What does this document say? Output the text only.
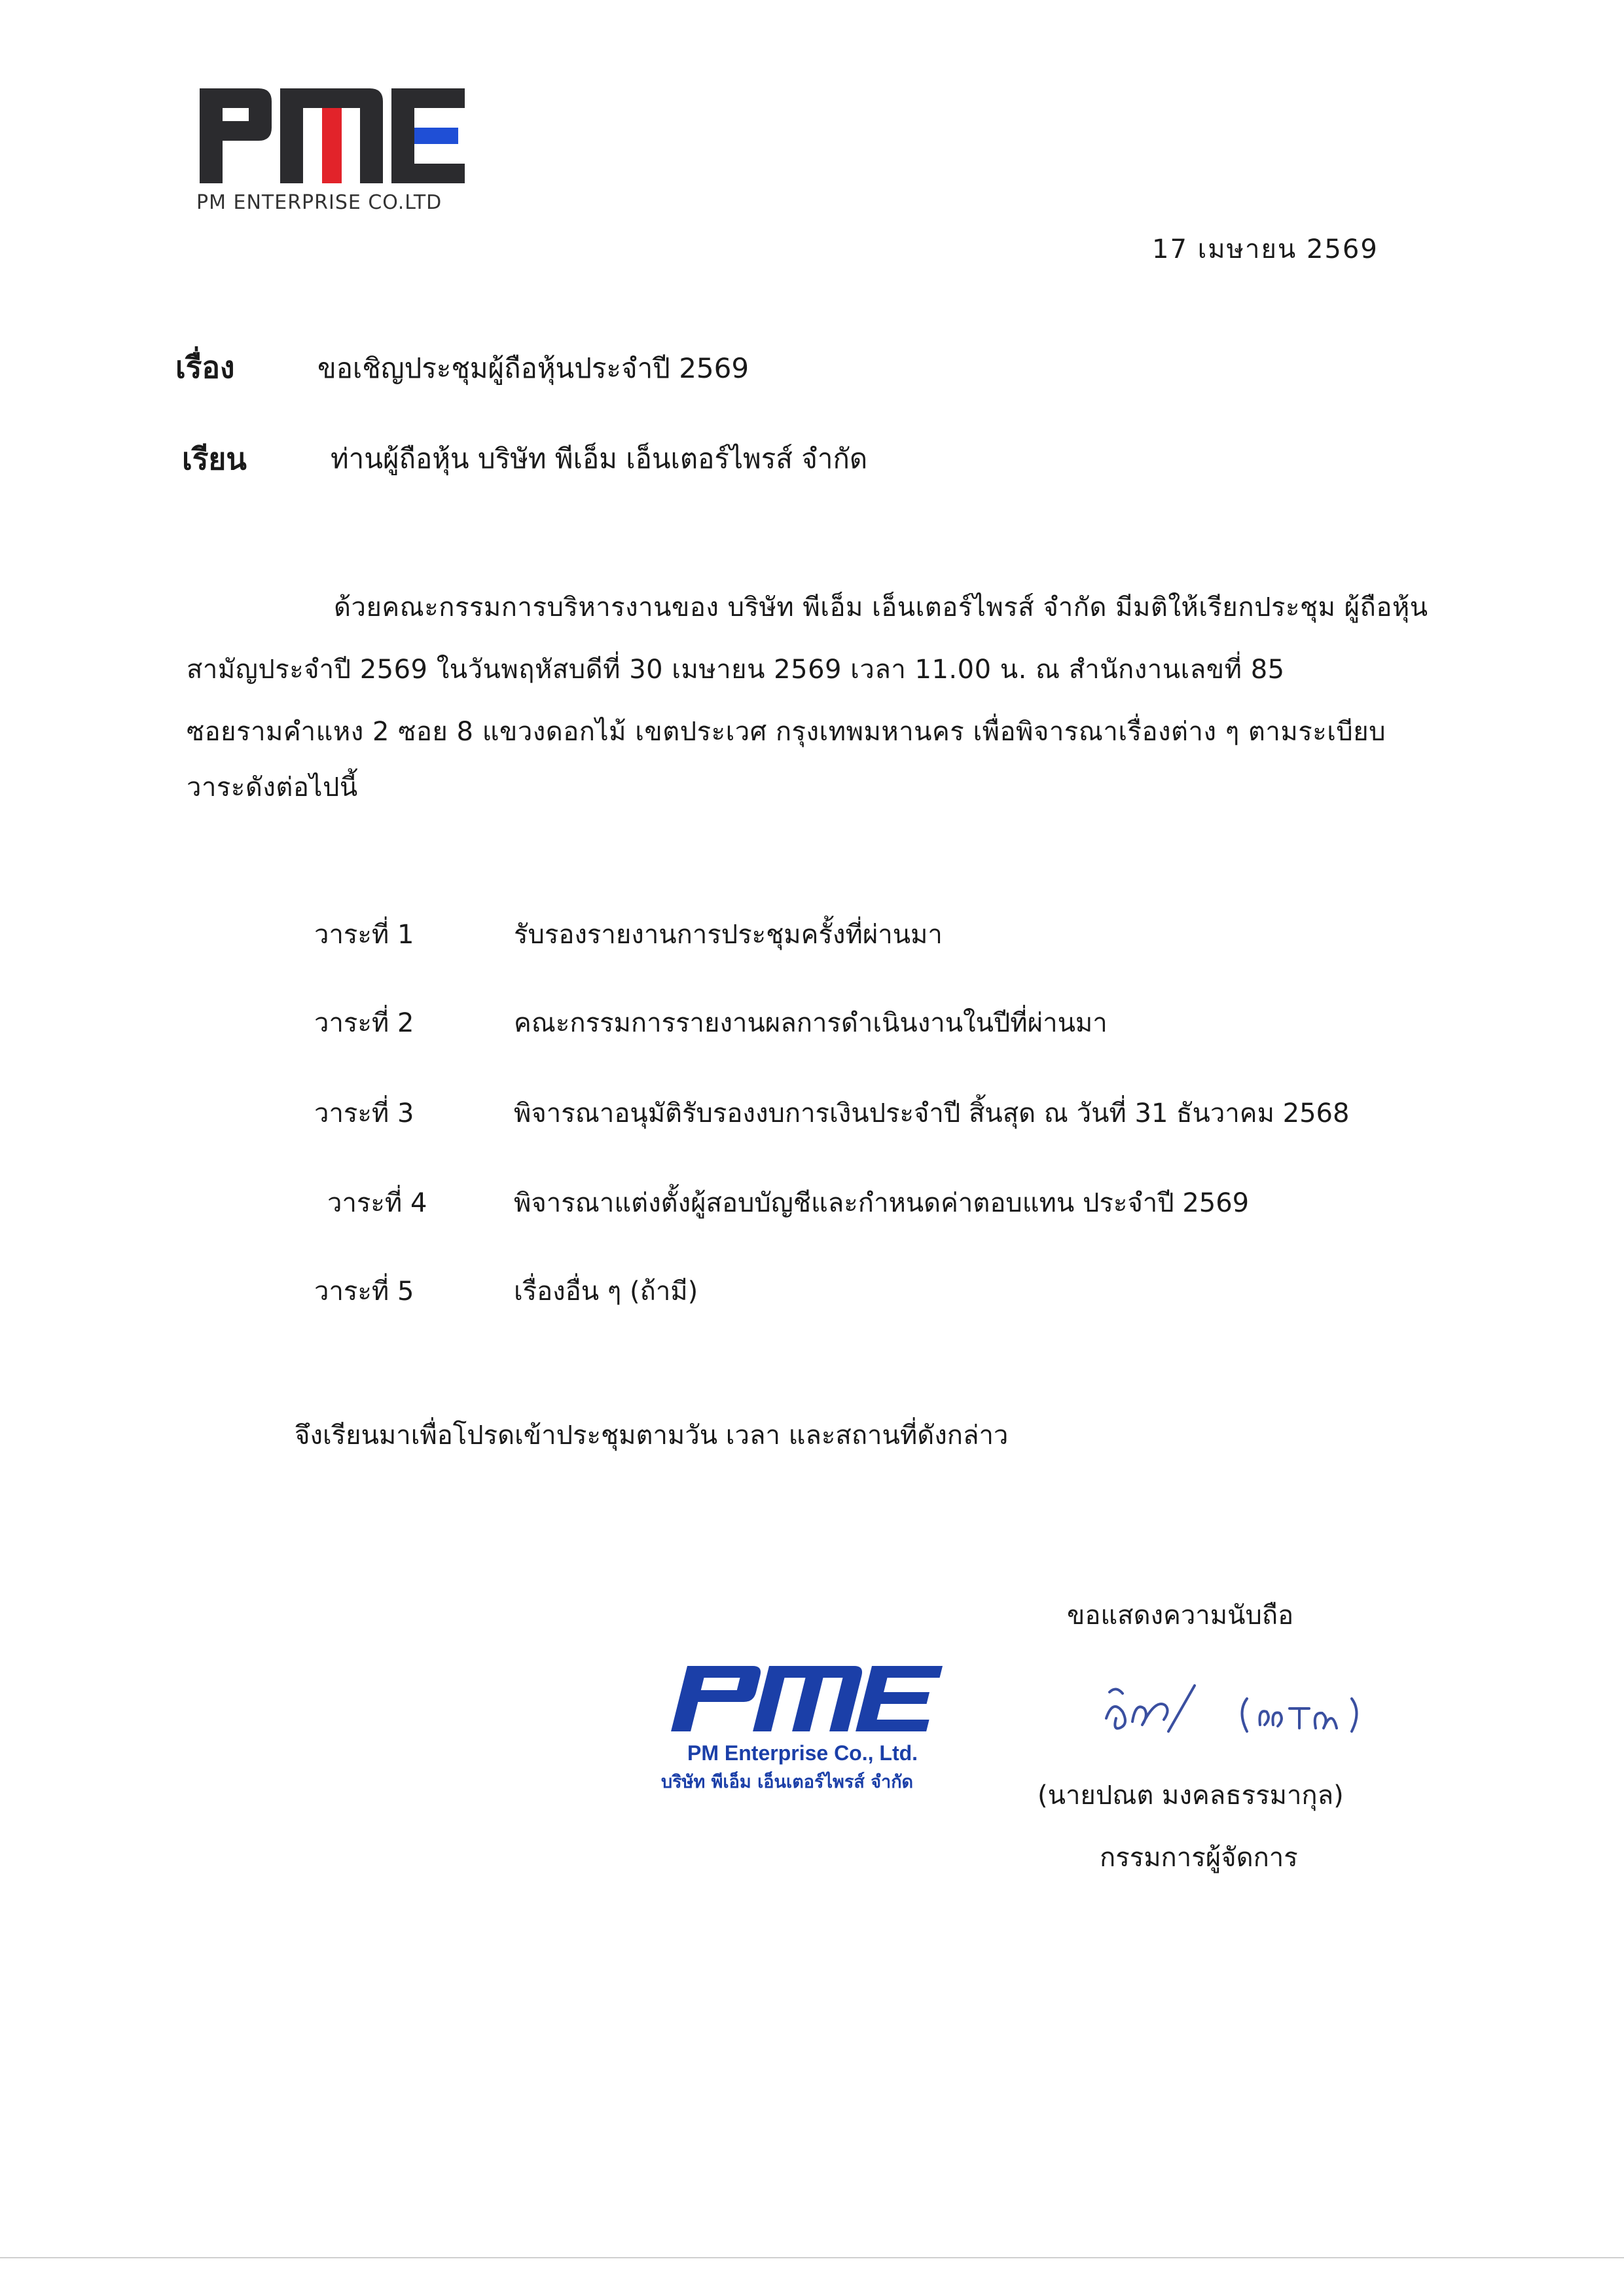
PM ENTERPRISE CO.LTD
17 เมษายน 2569
เรื่อง	ขอเชิญประชุมผู้ถือหุ้นประจำปี 2569
เรียน	ท่านผู้ถือหุ้น บริษัท พีเอ็ม เอ็นเตอร์ไพรส์ จำกัด
ด้วยคณะกรรมการบริหารงานของ บริษัท พีเอ็ม เอ็นเตอร์ไพรส์ จำกัด มีมติให้เรียกประชุม ผู้ถือหุ้น
สามัญประจำปี 2569 ในวันพฤหัสบดีที่ 30 เมษายน 2569 เวลา 11.00 น. ณ สำนักงานเลขที่ 85
ซอยรามคำแหง 2 ซอย 8 แขวงดอกไม้ เขตประเวศ กรุงเทพมหานคร เพื่อพิจารณาเรื่องต่าง ๆ ตามระเบียบ
วาระดังต่อไปนี้
วาระที่ 1	รับรองรายงานการประชุมครั้งที่ผ่านมา
วาระที่ 2	คณะกรรมการรายงานผลการดำเนินงานในปีที่ผ่านมา
วาระที่ 3	พิจารณาอนุมัติรับรองงบการเงินประจำปี สิ้นสุด ณ วันที่ 31 ธันวาคม 2568
วาระที่ 4	พิจารณาแต่งตั้งผู้สอบบัญชีและกำหนดค่าตอบแทน ประจำปี 2569
วาระที่ 5	เรื่องอื่น ๆ (ถ้ามี)
จึงเรียนมาเพื่อโปรดเข้าประชุมตามวัน เวลา และสถานที่ดังกล่าว
ขอแสดงความนับถือ
(นายปณต มงคลธรรมากุล)
กรรมการผู้จัดการ
PM Enterprise Co., Ltd.
บริษัท พีเอ็ม เอ็นเตอร์ไพรส์ จำกัด
